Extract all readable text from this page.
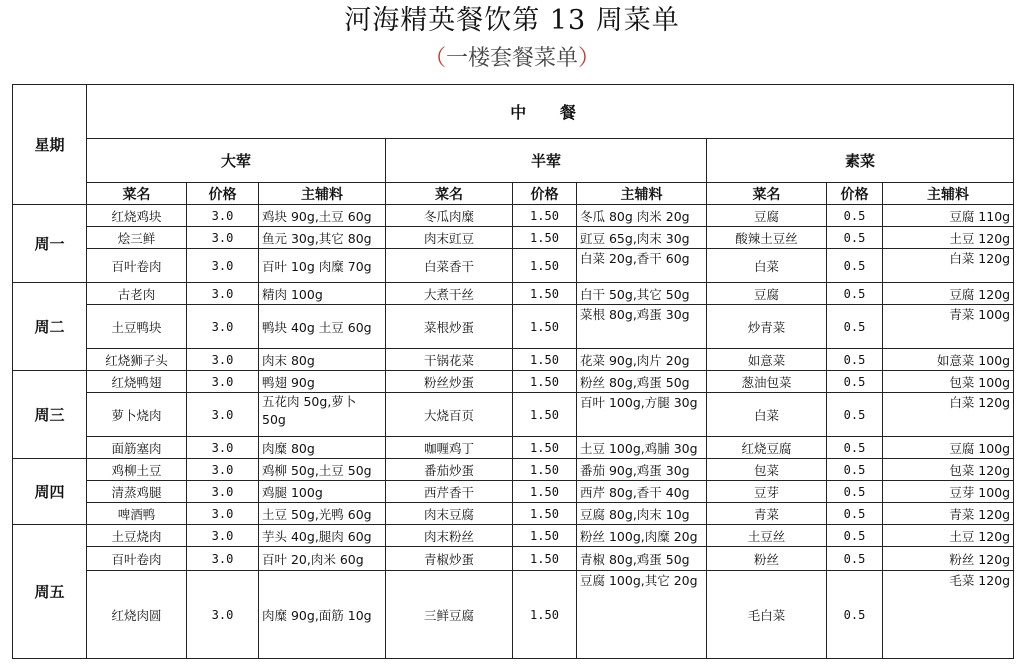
河海精英餐饮第 13 周菜单
（一楼套餐菜单）
星期	中 餐								
	大荤			半荤			素菜		
	菜名	价格	主辅料	菜名	价格	主辅料	菜名	价格	主辅料
周一	红烧鸡块	3.0	鸡块 90g,土豆 60g	冬瓜肉糜	1.50	冬瓜 80g 肉米 20g	豆腐	0.5	豆腐 110g
	烩三鲜	3.0	鱼元 30g,其它 80g	肉末豇豆	1.50	豇豆 65g,肉末 30g	酸辣土豆丝	0.5	土豆 120g
	百叶卷肉	3.0	百叶 10g 肉糜 70g	白菜香干	1.50	白菜 20g,香干 60g	白菜	0.5	白菜 120g
周二	古老肉	3.0	精肉 100g	大煮干丝	1.50	白干 50g,其它 50g	豆腐	0.5	豆腐 120g
	土豆鸭块	3.0	鸭块 40g 土豆 60g	菜根炒蛋	1.50	菜根 80g,鸡蛋 30g	炒青菜	0.5	青菜 100g
	红烧狮子头	3.0	肉末 80g	干锅花菜	1.50	花菜 90g,肉片 20g	如意菜	0.5	如意菜 100g
周三	红烧鸭翅	3.0	鸭翅 90g	粉丝炒蛋	1.50	粉丝 80g,鸡蛋 50g	葱油包菜	0.5	包菜 100g
	萝卜烧肉	3.0	五花肉 50g,萝卜 50g	大烧百页	1.50	百叶 100g,方腿 30g	白菜	0.5	白菜 120g
	面筋塞肉	3.0	肉糜 80g	咖喱鸡丁	1.50	土豆 100g,鸡脯 30g	红烧豆腐	0.5	豆腐 100g
周四	鸡柳土豆	3.0	鸡柳 50g,土豆 50g	番茄炒蛋	1.50	番茄 90g,鸡蛋 30g	包菜	0.5	包菜 120g
	清蒸鸡腿	3.0	鸡腿 100g	西芹香干	1.50	西芹 80g,香干 40g	豆芽	0.5	豆芽 100g
	啤酒鸭	3.0	土豆 50g,光鸭 60g	肉末豆腐	1.50	豆腐 80g,肉末 10g	青菜	0.5	青菜 120g
周五	土豆烧肉	3.0	芋头 40g,腿肉 60g	肉末粉丝	1.50	粉丝 100g,肉糜 20g	土豆丝	0.5	土豆 120g
	百叶卷肉	3.0	百叶 20,肉米 60g	青椒炒蛋	1.50	青椒 80g,鸡蛋 50g	粉丝	0.5	粉丝 120g
	红烧肉圆	3.0	肉糜 90g,面筋 10g	三鲜豆腐	1.50	豆腐 100g,其它 20g	毛白菜	0.5	毛菜 120g
